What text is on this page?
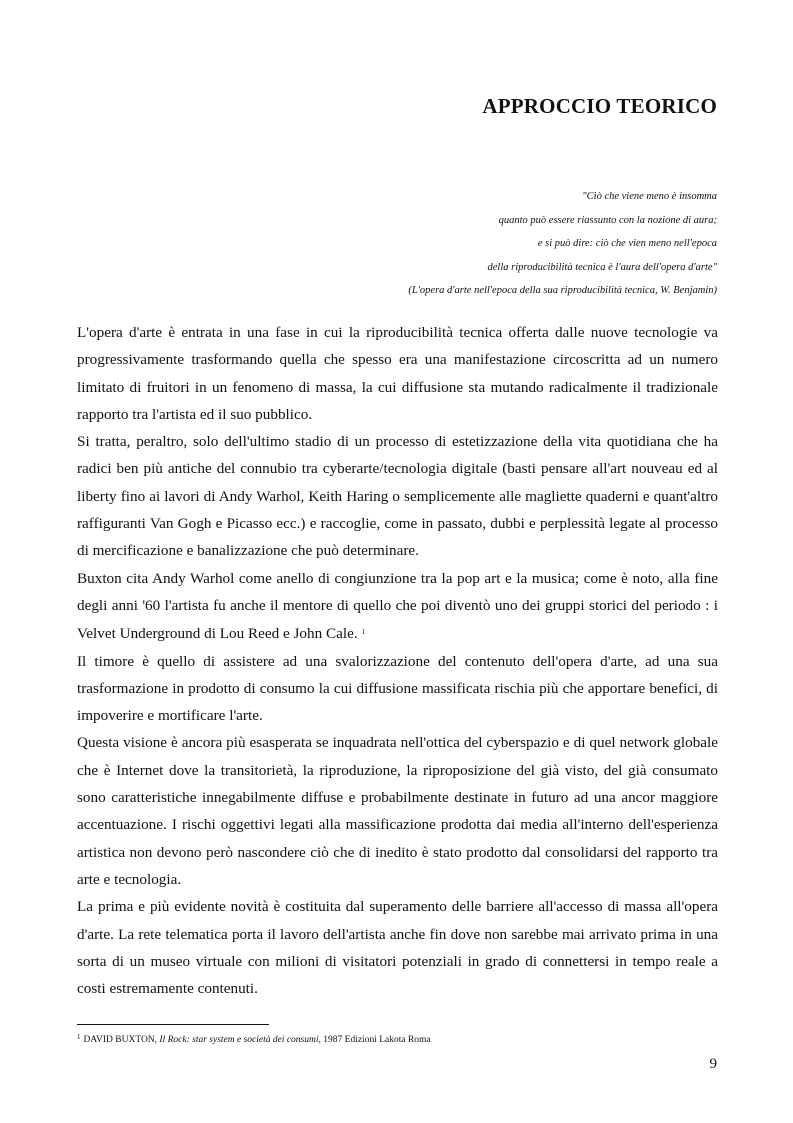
APPROCCIO TEORICO
"Ciò che viene meno è insomma
quanto può essere riassunto con la nozione di aura;
e si può dire: ciò che vien meno nell'epoca
della riproducibilità tecnica è l'aura dell'opera d'arte"
(L'opera d'arte nell'epoca della sua riproducibilità tecnica, W. Benjamin)

L'opera d'arte è entrata in una fase in cui la riproducibilità tecnica offerta dalle nuove tecnologie va progressivamente trasformando quella che spesso era una manifestazione circoscritta ad un numero limitato di fruitori in un fenomeno di massa, la cui diffusione sta mutando radicalmente il tradizionale rapporto tra l'artista ed il suo pubblico.

Si tratta, peraltro, solo dell'ultimo stadio di un processo di estetizzazione della vita quotidiana che ha radici ben più antiche del connubio tra cyberarte/tecnologia digitale (basti pensare all'art nouveau ed al liberty fino ai lavori di Andy Warhol, Keith Haring o semplicemente alle magliette quaderni e quant'altro raffiguranti Van Gogh e Picasso ecc.) e raccoglie, come in passato, dubbi e perplessità legate al processo di mercificazione e banalizzazione che può determinare.

Buxton cita Andy Warhol come anello di congiunzione tra la pop art e la musica; come è noto, alla fine degli anni '60 l'artista fu anche il mentore di quello che poi diventò uno dei gruppi storici del periodo : i Velvet Underground di Lou Reed e John Cale. $^1$

Il timore è quello di assistere ad una svalorizzazione del contenuto dell'opera d'arte, ad una sua trasformazione in prodotto di consumo la cui diffusione massificata rischia più che apportare benefici, di impoverire e mortificare l'arte.

Questa visione è ancora più esasperata se inquadrata nell'ottica del cyberspazio e di quel network globale che è Internet dove la transitorietà, la riproduzione, la riproposizione del già visto, del già consumato sono caratteristiche innegabilmente diffuse e probabilmente destinate in futuro ad una ancor maggiore accentuazione. I rischi oggettivi legati alla massificazione prodotta dai media all'interno dell'esperienza artistica non devono però nascondere ciò che di inedito è stato prodotto dal consolidarsi del rapporto tra arte e tecnologia.

La prima e più evidente novità è costituita dal superamento delle barriere all'accesso di massa all'opera d'arte. La rete telematica porta il lavoro dell'artista anche fin dove non sarebbe mai arrivato prima in una sorta di un museo virtuale con milioni di visitatori potenziali in grado di connettersi in tempo reale a costi estremamente contenuti.

$^1$ DAVID BUXTON, Il Rock: star system e società dei consumi, 1987 Edizioni Lakota Roma
9
